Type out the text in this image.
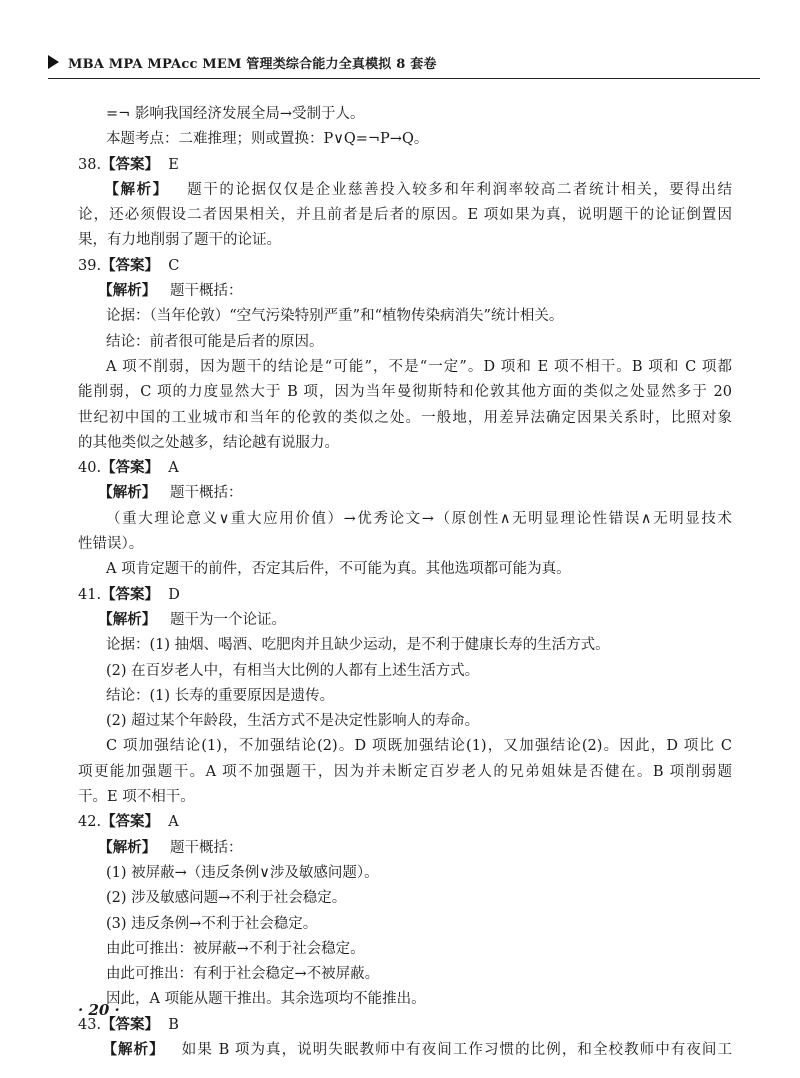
MBA MPA MPAcc MEM 管理类综合能力全真模拟 8 套卷
=¬ 影响我国经济发展全局→受制于人。
本题考点：二难推理；则或置换：P∨Q=¬P→Q。
38.【答案】  E
【解析】   题干的论据仅仅是企业慈善投入较多和年利润率较高二者统计相关，要得出结
论，还必须假设二者因果相关，并且前者是后者的原因。E 项如果为真，说明题干的论证倒置因
果，有力地削弱了题干的论证。
39.【答案】  C
【解析】   题干概括：
论据：（当年伦敦）“空气污染特别严重”和“植物传染病消失”统计相关。
结论：前者很可能是后者的原因。
A 项不削弱，因为题干的结论是“可能”，不是“一定”。D 项和 E 项不相干。B 项和 C 项都
能削弱，C 项的力度显然大于 B 项，因为当年曼彻斯特和伦敦其他方面的类似之处显然多于 20
世纪初中国的工业城市和当年的伦敦的类似之处。一般地，用差异法确定因果关系时，比照对象
的其他类似之处越多，结论越有说服力。
40.【答案】  A
【解析】   题干概括：
（重大理论意义∨重大应用价值）→优秀论文→（原创性∧无明显理论性错误∧无明显技术
性错误）。
A 项肯定题干的前件，否定其后件，不可能为真。其他选项都可能为真。
41.【答案】  D
【解析】   题干为一个论证。
论据：(1) 抽烟、喝酒、吃肥肉并且缺少运动，是不利于健康长寿的生活方式。
(2) 在百岁老人中，有相当大比例的人都有上述生活方式。
结论：(1) 长寿的重要原因是遗传。
(2) 超过某个年龄段，生活方式不是决定性影响人的寿命。
C 项加强结论(1)，不加强结论(2)。D 项既加强结论(1)，又加强结论(2)。因此，D 项比 C
项更能加强题干。A 项不加强题干，因为并未断定百岁老人的兄弟姐妹是否健在。B 项削弱题
干。E 项不相干。
42.【答案】  A
【解析】   题干概括：
(1) 被屏蔽→（违反条例∨涉及敏感问题）。
(2) 涉及敏感问题→不利于社会稳定。
(3) 违反条例→不利于社会稳定。
由此可推出：被屏蔽→不利于社会稳定。
由此可推出：有利于社会稳定→不被屏蔽。
因此，A 项能从题干推出。其余选项均不能推出。
43.【答案】  B
【解析】   如果 B 项为真，说明失眠教师中有夜间工作习惯的比例，和全校教师中有夜间工
· 20 ·
